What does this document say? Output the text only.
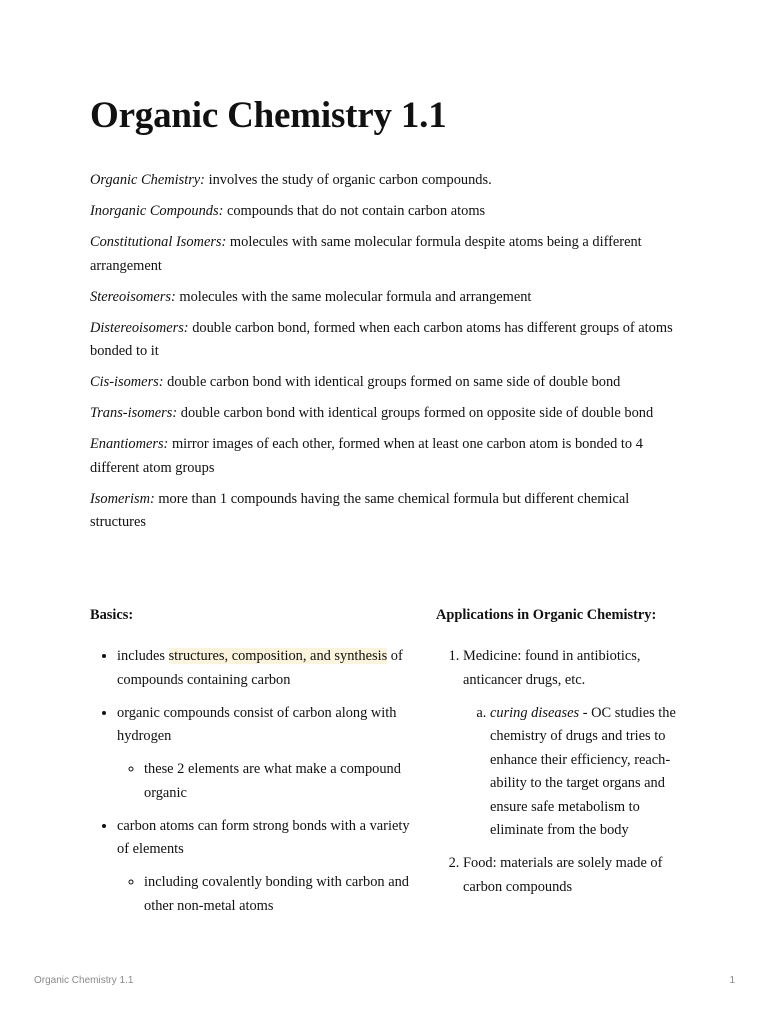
Organic Chemistry 1.1

Organic Chemistry: involves the study of organic carbon compounds.

Inorganic Compounds: compounds that do not contain carbon atoms

Constitutional Isomers: molecules with same molecular formula despite atoms being a different arrangement

Stereoisomers: molecules with the same molecular formula and arrangement

Distereoisomers: double carbon bond, formed when each carbon atoms has different groups of atoms bonded to it

Cis-isomers: double carbon bond with identical groups formed on same side of double bond

Trans-isomers: double carbon bond with identical groups formed on opposite side of double bond

Enantiomers: mirror images of each other, formed when at least one carbon atom is bonded to 4 different atom groups

Isomerism: more than 1 compounds having the same chemical formula but different chemical structures

Basics:	Applications in Organic Chemistry:
• includes structures, composition, and synthesis of compounds containing carbon
• organic compounds consist of carbon along with hydrogen
◦ these 2 elements are what make a compound organic
• carbon atoms can form strong bonds with a variety of elements
◦ including covalently bonding with carbon and other non-metal atoms
1. Medicine: found in antibiotics, anticancer drugs, etc.
a. curing diseases - OC studies the chemistry of drugs and tries to enhance their efficiency, reach-ability to the target organs and ensure safe metabolism to eliminate from the body
2. Food: materials are solely made of carbon compounds
Organic Chemistry 1.1	1
